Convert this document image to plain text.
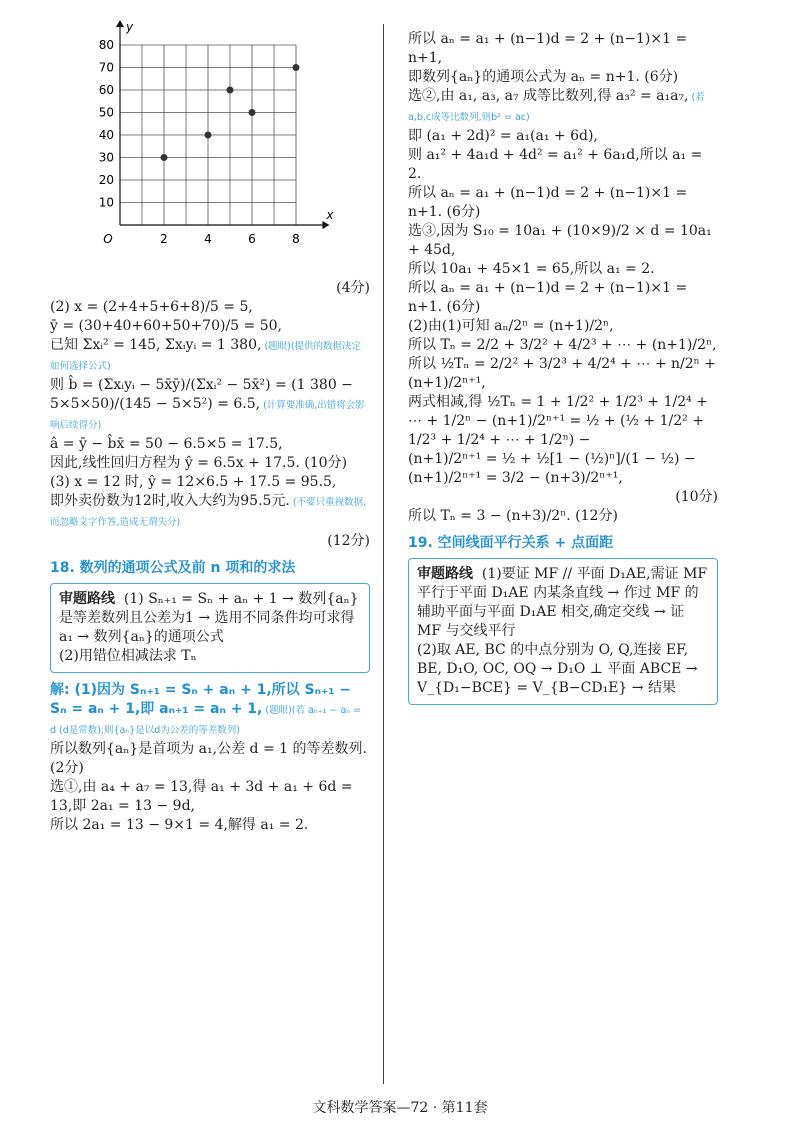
10
20
30
40
50
60
70
80
2	4	6	8
O
x
y

(4分)

(2) x = (2+4+5+6+8)/5 = 5,

ȳ = (30+40+60+50+70)/5 = 50,

已知 Σxᵢ² = 145, Σxᵢyᵢ = 1 380, (题眼)(提供的数据决定如何选择公式)

则 b̂ = (Σxᵢyᵢ − 5x̄ȳ)/(Σxᵢ² − 5x̄²) = (1 380 − 5×5×50)/(145 − 5×5²) = 6.5, (计算要准确,出错将会影响后续得分)

â = ȳ − b̂x̄ = 50 − 6.5×5 = 17.5,

因此,线性回归方程为 ŷ = 6.5x + 17.5. (10分)

(3) x = 12 时, ŷ = 12×6.5 + 17.5 = 95.5,

即外卖份数为12时,收入大约为95.5元. (不要只重视数据,而忽略文字作答,造成无谓失分)

(12分)

18. 数列的通项公式及前 n 项和的求法

审题路线 (1) Sₙ₊₁ = Sₙ + aₙ + 1 → 数列{aₙ}是等差数列且公差为1 → 选用不同条件均可求得 a₁ → 数列{aₙ}的通项公式

(2)用错位相减法求 Tₙ

解: (1)因为 Sₙ₊₁ = Sₙ + aₙ + 1,所以 Sₙ₊₁ − Sₙ = aₙ + 1,即 aₙ₊₁ = aₙ + 1, (题眼)(若 aₙ₊₁ − aₙ = d (d是常数),则{aₙ}是以d为公差的等差数列)

所以数列{aₙ}是首项为 a₁,公差 d = 1 的等差数列. (2分)

选①,由 a₄ + a₇ = 13,得 a₁ + 3d + a₁ + 6d = 13,即 2a₁ = 13 − 9d,

所以 2a₁ = 13 − 9×1 = 4,解得 a₁ = 2.

所以 aₙ = a₁ + (n−1)d = 2 + (n−1)×1 = n+1,

即数列{aₙ}的通项公式为 aₙ = n+1. (6分)

选②,由 a₁, a₃, a₇ 成等比数列,得 a₃² = a₁a₇, (若a,b,c成等比数列,则b² = ac)

即 (a₁ + 2d)² = a₁(a₁ + 6d),

则 a₁² + 4a₁d + 4d² = a₁² + 6a₁d,所以 a₁ = 2.

所以 aₙ = a₁ + (n−1)d = 2 + (n−1)×1 = n+1. (6分)

选③,因为 S₁₀ = 10a₁ + (10×9)/2 × d = 10a₁ + 45d,

所以 10a₁ + 45×1 = 65,所以 a₁ = 2.

所以 aₙ = a₁ + (n−1)d = 2 + (n−1)×1 = n+1. (6分)

(2)由(1)可知 aₙ/2ⁿ = (n+1)/2ⁿ,

所以 Tₙ = 2/2 + 3/2² + 4/2³ + ⋯ + (n+1)/2ⁿ,

所以 ½Tₙ = 2/2² + 3/2³ + 4/2⁴ + ⋯ + n/2ⁿ + (n+1)/2ⁿ⁺¹,

两式相减,得 ½Tₙ = 1 + 1/2² + 1/2³ + 1/2⁴ + ⋯ + 1/2ⁿ − (n+1)/2ⁿ⁺¹ = ½ + (½ + 1/2² + 1/2³ + 1/2⁴ + ⋯ + 1/2ⁿ) −

(n+1)/2ⁿ⁺¹ = ½ + ½[1 − (½)ⁿ]/(1 − ½) − (n+1)/2ⁿ⁺¹ = 3/2 − (n+3)/2ⁿ⁺¹,

(10分)

所以 Tₙ = 3 − (n+3)/2ⁿ. (12分)

19. 空间线面平行关系 + 点面距

审题路线 (1)要证 MF // 平面 D₁AE,需证 MF 平行于平面 D₁AE 内某条直线 → 作过 MF 的辅助平面与平面 D₁AE 相交,确定交线 → 证 MF 与交线平行

(2)取 AE, BC 的中点分别为 O, Q,连接 EF, BE, D₁O, OC, OQ → D₁O ⊥ 平面 ABCE → V_{D₁−BCE} = V_{B−CD₁E} → 结果

文科数学答案—72 · 第11套
